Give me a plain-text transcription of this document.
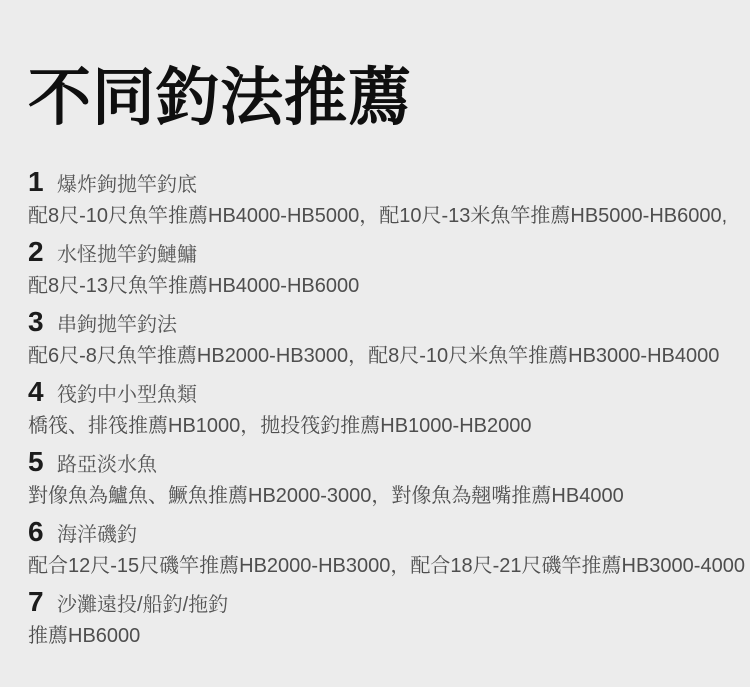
不同釣法推薦
1 爆炸鉤拋竿釣底
配8尺-10尺魚竿推薦HB4000-HB5000，配10尺-13米魚竿推薦HB5000-HB6000,
2 水怪拋竿釣鰱鱅
配8尺-13尺魚竿推薦HB4000-HB6000
3 串鉤拋竿釣法
配6尺-8尺魚竿推薦HB2000-HB3000，配8尺-10尺米魚竿推薦HB3000-HB4000
4 筏釣中小型魚類
橋筏、排筏推薦HB1000，拋投筏釣推薦HB1000-HB2000
5 路亞淡水魚
對像魚為鱸魚、鱖魚推薦HB2000-3000，對像魚為翹嘴推薦HB4000
6 海洋磯釣
配合12尺-15尺磯竿推薦HB2000-HB3000，配合18尺-21尺磯竿推薦HB3000-4000
7 沙灘遠投/船釣/拖釣
推薦HB6000
